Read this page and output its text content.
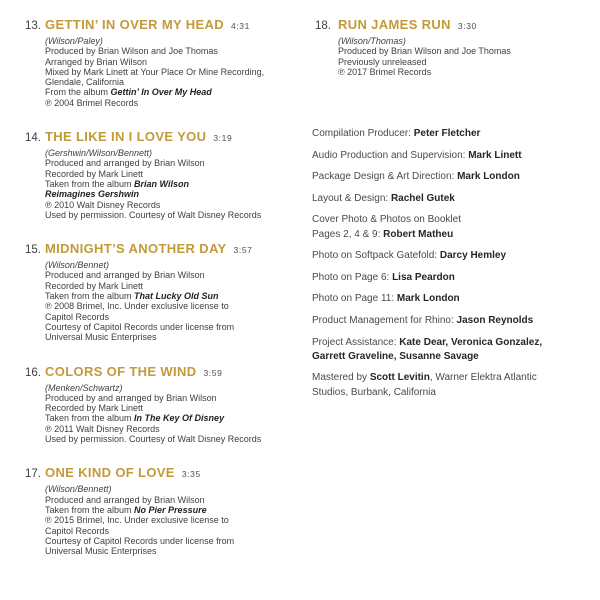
13. GETTIN’ IN OVER MY HEAD 4:31
(Wilson/Paley)
Produced by Brian Wilson and Joe Thomas
Arranged by Brian Wilson
Mixed by Mark Linett at Your Place Or Mine Recording,
Glendale, California
From the album Gettin’ In Over My Head
℗ 2004 Brimel Records
14. THE LIKE IN I LOVE YOU 3:19
(Gershwin/Wilson/Bennett)
Produced and arranged by Brian Wilson
Recorded by Mark Linett
Taken from the album Brian Wilson
Reimagines Gershwin
℗ 2010 Walt Disney Records
Used by permission. Courtesy of Walt Disney Records
15. MIDNIGHT’S ANOTHER DAY 3:57
(Wilson/Bennet)
Produced and arranged by Brian Wilson
Recorded by Mark Linett
Taken from the album That Lucky Old Sun
℗ 2008 Brimel, Inc. Under exclusive license to
Capitol Records
Courtesy of Capitol Records under license from
Universal Music Enterprises
16. COLORS OF THE WIND 3:59
(Menken/Schwartz)
Produced by and arranged by Brian Wilson
Recorded by Mark Linett
Taken from the album In The Key Of Disney
℗ 2011 Walt Disney Records
Used by permission. Courtesy of Walt Disney Records
17. ONE KIND OF LOVE 3:35
(Wilson/Bennett)
Produced and arranged by Brian Wilson
Taken from the album No Pier Pressure
℗ 2015 Brimel, Inc. Under exclusive license to
Capitol Records
Courtesy of Capitol Records under license from
Universal Music Enterprises
18. RUN JAMES RUN 3:30
(Wilson/Thomas)
Produced by Brian Wilson and Joe Thomas
Previously unreleased
℗ 2017 Brimel Records
Compilation Producer: Peter Fletcher
Audio Production and Supervision: Mark Linett
Package Design & Art Direction: Mark London
Layout & Design: Rachel Gutek
Cover Photo & Photos on Booklet
Pages 2, 4 & 9: Robert Matheu
Photo on Softpack Gatefold: Darcy Hemley
Photo on Page 6: Lisa Peardon
Photo on Page 11: Mark London
Product Management for Rhino: Jason Reynolds
Project Assistance: Kate Dear, Veronica Gonzalez,
Garrett Graveline, Susanne Savage
Mastered by Scott Levitin, Warner Elektra Atlantic
Studios, Burbank, California
